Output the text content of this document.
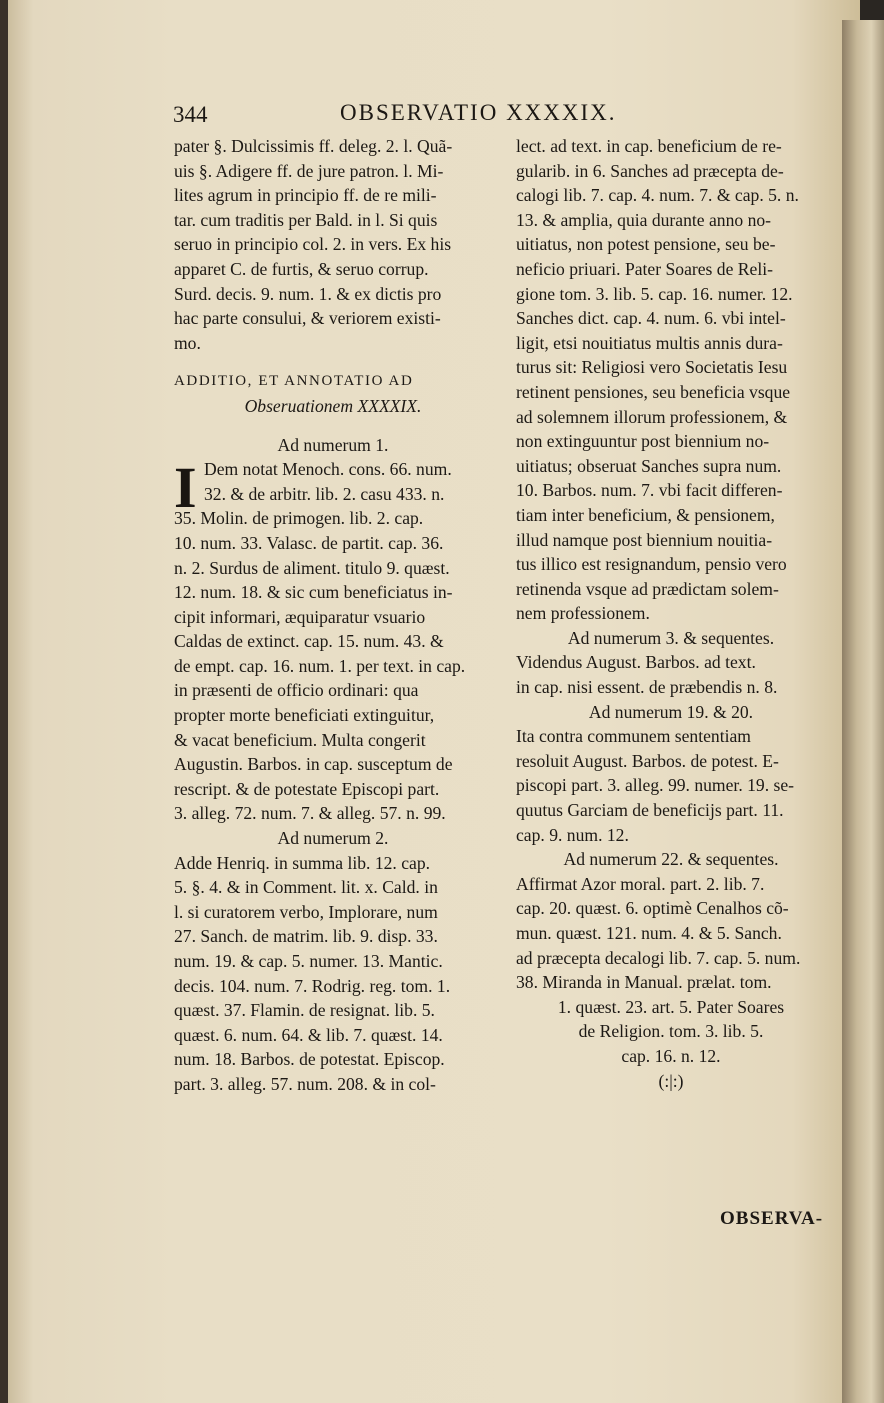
344	OBSERVATIO XXXXIX.
pater §. Dulcissimis ff. deleg. 2. l. Quã-
uis §. Adigere ff. de jure patron. l. Mi-
lites agrum in principio ff. de re mili-
tar. cum traditis per Bald. in l. Si quis
seruo in principio col. 2. in vers. Ex his
apparet C. de furtis, & seruo corrup.
Surd. decis. 9. num. 1. & ex dictis pro
hac parte consului, & veriorem existi-
mo.
ADDITIO, ET ANNOTATIO AD
Obseruationem XXXXIX.
Ad numerum 1.
I Dem notat Menoch. cons. 66. num.
32. & de arbitr. lib. 2. casu 433. n.
35. Molin. de primogen. lib. 2. cap.
10. num. 33. Valasc. de partit. cap. 36.
n. 2. Surdus de aliment. titulo 9. quæst.
12. num. 18. & sic cum beneficiatus in-
cipit informari, æquiparatur vsuario
Caldas de extinct. cap. 15. num. 43. &
de empt. cap. 16. num. 1. per text. in cap.
in præsenti de officio ordinari: qua
propter morte beneficiati extinguitur,
& vacat beneficium. Multa congerit
Augustin. Barbos. in cap. susceptum de
rescript. & de potestate Episcopi part.
3. alleg. 72. num. 7. & alleg. 57. n. 99.
Ad numerum 2.
Adde Henriq. in summa lib. 12. cap.
5. §. 4. & in Comment. lit. x. Cald. in
l. si curatorem verbo, Implorare, num
27. Sanch. de matrim. lib. 9. disp. 33.
num. 19. & cap. 5. numer. 13. Mantic.
decis. 104. num. 7. Rodrig. reg. tom. 1.
quæst. 37. Flamin. de resignat. lib. 5.
quæst. 6. num. 64. & lib. 7. quæst. 14.
num. 18. Barbos. de potestat. Episcop.
part. 3. alleg. 57. num. 208. & in col-
lect. ad text. in cap. beneficium de re-
gularib. in 6. Sanches ad præcepta de-
calogi lib. 7. cap. 4. num. 7. & cap. 5. n.
13. & amplia, quia durante anno no-
uitiatus, non potest pensione, seu be-
neficio priuari. Pater Soares de Reli-
gione tom. 3. lib. 5. cap. 16. numer. 12.
Sanches dict. cap. 4. num. 6. vbi intel-
ligit, etsi nouitiatus multis annis dura-
turus sit: Religiosi vero Societatis Iesu
retinent pensiones, seu beneficia vsque
ad solemnem illorum professionem, &
non extinguuntur post biennium no-
uitiatus; obseruat Sanches supra num.
10. Barbos. num. 7. vbi facit differen-
tiam inter beneficium, & pensionem,
illud namque post biennium nouitia-
tus illico est resignandum, pensio vero
retinenda vsque ad prædictam solem-
nem professionem.
Ad numerum 3. & sequentes.
Videndus August. Barbos. ad text.
in cap. nisi essent. de præbendis n. 8.
Ad numerum 19. & 20.
Ita contra communem sententiam
resoluit August. Barbos. de potest. E-
piscopi part. 3. alleg. 99. numer. 19. se-
quutus Garciam de beneficijs part. 11.
cap. 9. num. 12.
Ad numerum 22. & sequentes.
Affirmat Azor moral. part. 2. lib. 7.
cap. 20. quæst. 6. optimè Cenalhos cõ-
mun. quæst. 121. num. 4. & 5. Sanch.
ad præcepta decalogi lib. 7. cap. 5. num.
38. Miranda in Manual. prælat. tom.
1. quæst. 23. art. 5. Pater Soares
de Religion. tom. 3. lib. 5.
cap. 16. n. 12.
(:|:)
OBSERVA-
